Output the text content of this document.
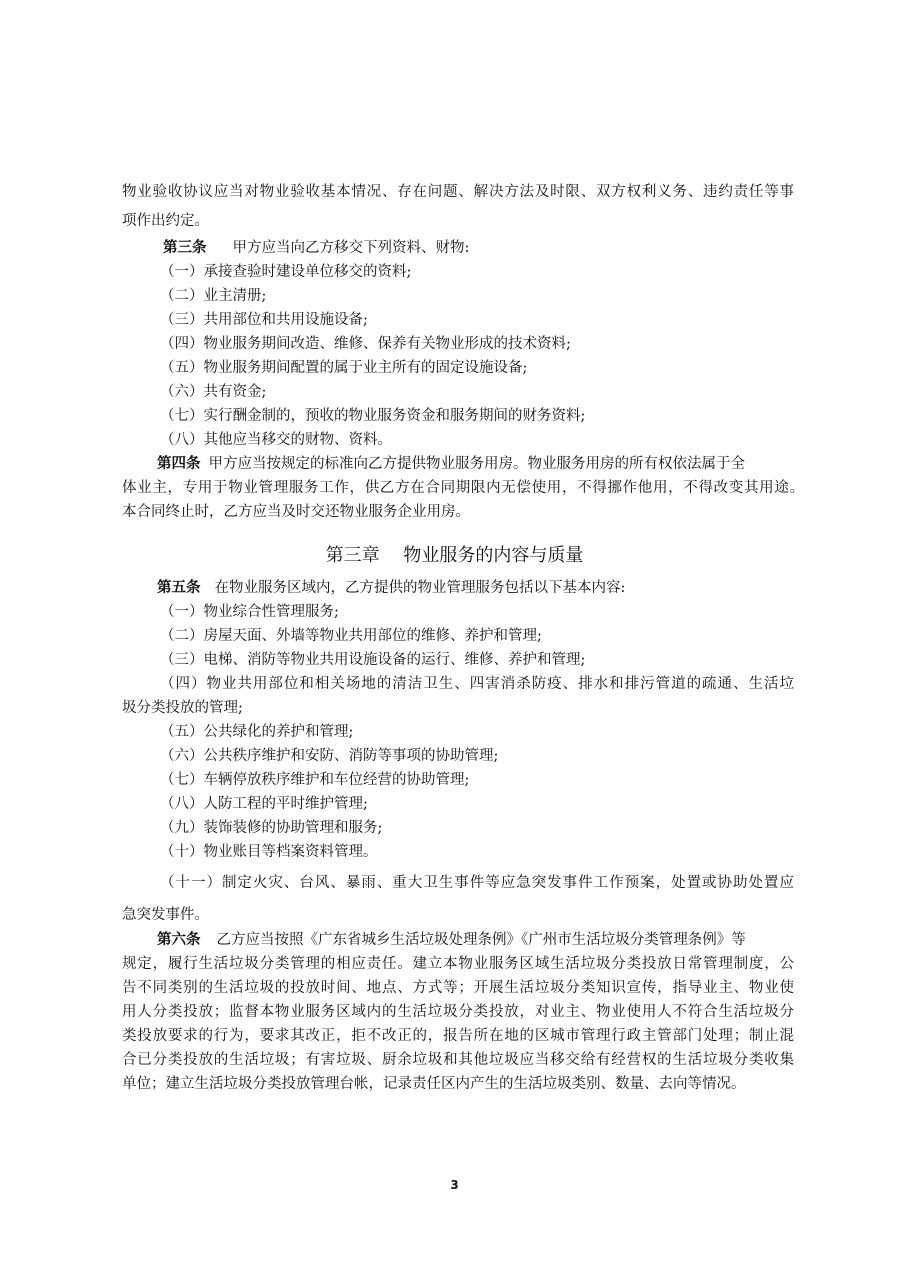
物业验收协议应当对物业验收基本情况、存在问题、解决方法及时限、双方权利义务、违约责任等事
项作出约定。
第三条 甲方应当向乙方移交下列资料、财物:
（一）承接查验时建设单位移交的资料;
（二）业主清册;
（三）共用部位和共用设施设备;
（四）物业服务期间改造、维修、保养有关物业形成的技术资料;
（五）物业服务期间配置的属于业主所有的固定设施设备;
（六）共有资金;
（七）实行酬金制的，预收的物业服务资金和服务期间的财务资料;
（八）其他应当移交的财物、资料。
第四条 甲方应当按规定的标准向乙方提供物业服务用房。物业服务用房的所有权依法属于全
体业主，专用于物业管理服务工作，供乙方在合同期限内无偿使用，不得挪作他用，不得改变其用途。
本合同终止时，乙方应当及时交还物业服务企业用房。
第三章　 物业服务的内容与质量
第五条 在物业服务区域内，乙方提供的物业管理服务包括以下基本内容:
（一）物业综合性管理服务;
（二）房屋天面、外墙等物业共用部位的维修、养护和管理;
（三）电梯、消防等物业共用设施设备的运行、维修、养护和管理;
（四）物业共用部位和相关场地的清洁卫生、四害消杀防疫、排水和排污管道的疏通、生活垃
圾分类投放的管理;
（五）公共绿化的养护和管理;
（六）公共秩序维护和安防、消防等事项的协助管理;
（七）车辆停放秩序维护和车位经营的协助管理;
（八）人防工程的平时维护管理;
（九）装饰装修的协助管理和服务;
（十）物业账目等档案资料管理。
（十一）制定火灾、台风、暴雨、重大卫生事件等应急突发事件工作预案，处置或协助处置应
急突发事件。
第六条 乙方应当按照《广东省城乡生活垃圾处理条例》《广州市生活垃圾分类管理条例》等
规定，履行生活垃圾分类管理的相应责任。建立本物业服务区域生活垃圾分类投放日常管理制度，公
告不同类别的生活垃圾的投放时间、地点、方式等；开展生活垃圾分类知识宣传，指导业主、物业使
用人分类投放；监督本物业服务区域内的生活垃圾分类投放，对业主、物业使用人不符合生活垃圾分
类投放要求的行为，要求其改正，拒不改正的，报告所在地的区城市管理行政主管部门处理；制止混
合已分类投放的生活垃圾；有害垃圾、厨余垃圾和其他垃圾应当移交给有经营权的生活垃圾分类收集
单位；建立生活垃圾分类投放管理台帐，记录责任区内产生的生活垃圾类别、数量、去向等情况。
3
